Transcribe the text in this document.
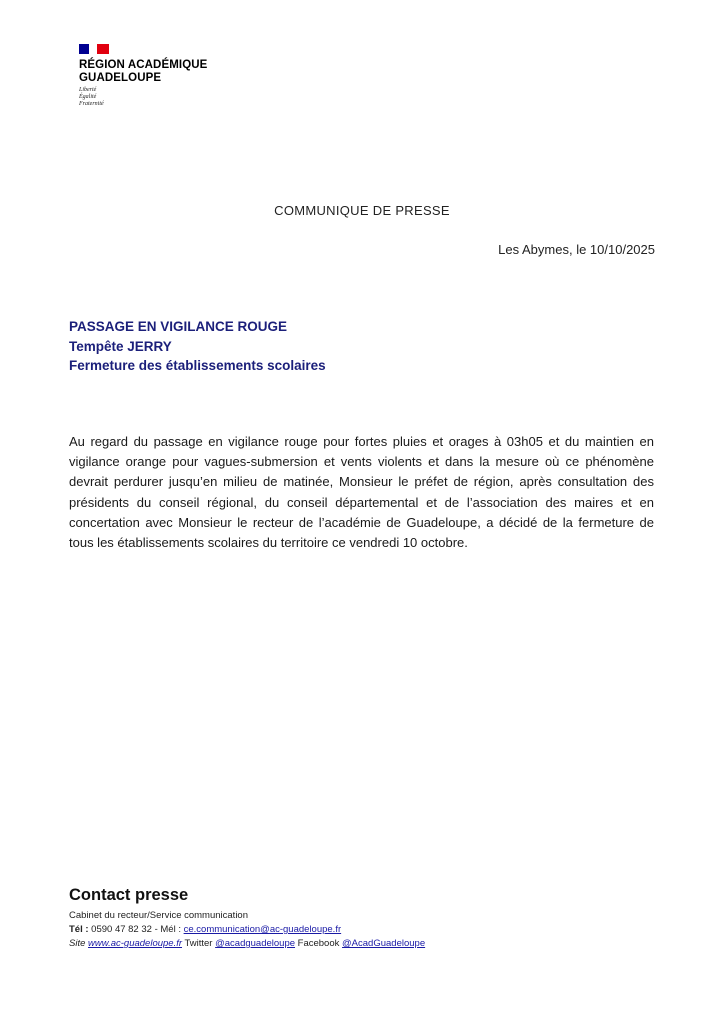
RÉGION ACADÉMIQUE
GUADELOUPE
Liberté
Égalité
Fraternité
COMMUNIQUE DE PRESSE
Les Abymes, le 10/10/2025
PASSAGE EN VIGILANCE ROUGE
Tempête JERRY
Fermeture des établissements scolaires
Au regard du passage en vigilance rouge pour fortes pluies et orages à 03h05 et du maintien en vigilance orange pour vagues-submersion et vents violents et dans la mesure où ce phénomène devrait perdurer jusqu’en milieu de matinée, Monsieur le préfet de région, après consultation des présidents du conseil régional, du conseil départemental et de l’association des maires et en concertation avec Monsieur le recteur de l’académie de Guadeloupe, a décidé de la fermeture de tous les établissements scolaires du territoire ce vendredi 10 octobre.
Contact presse
Cabinet du recteur/Service communication
Tél : 0590 47 82 32 - Mél : ce.communication@ac-guadeloupe.fr
Site www.ac-guadeloupe.fr Twitter @acadguadeloupe Facebook @AcadGuadeloupe
